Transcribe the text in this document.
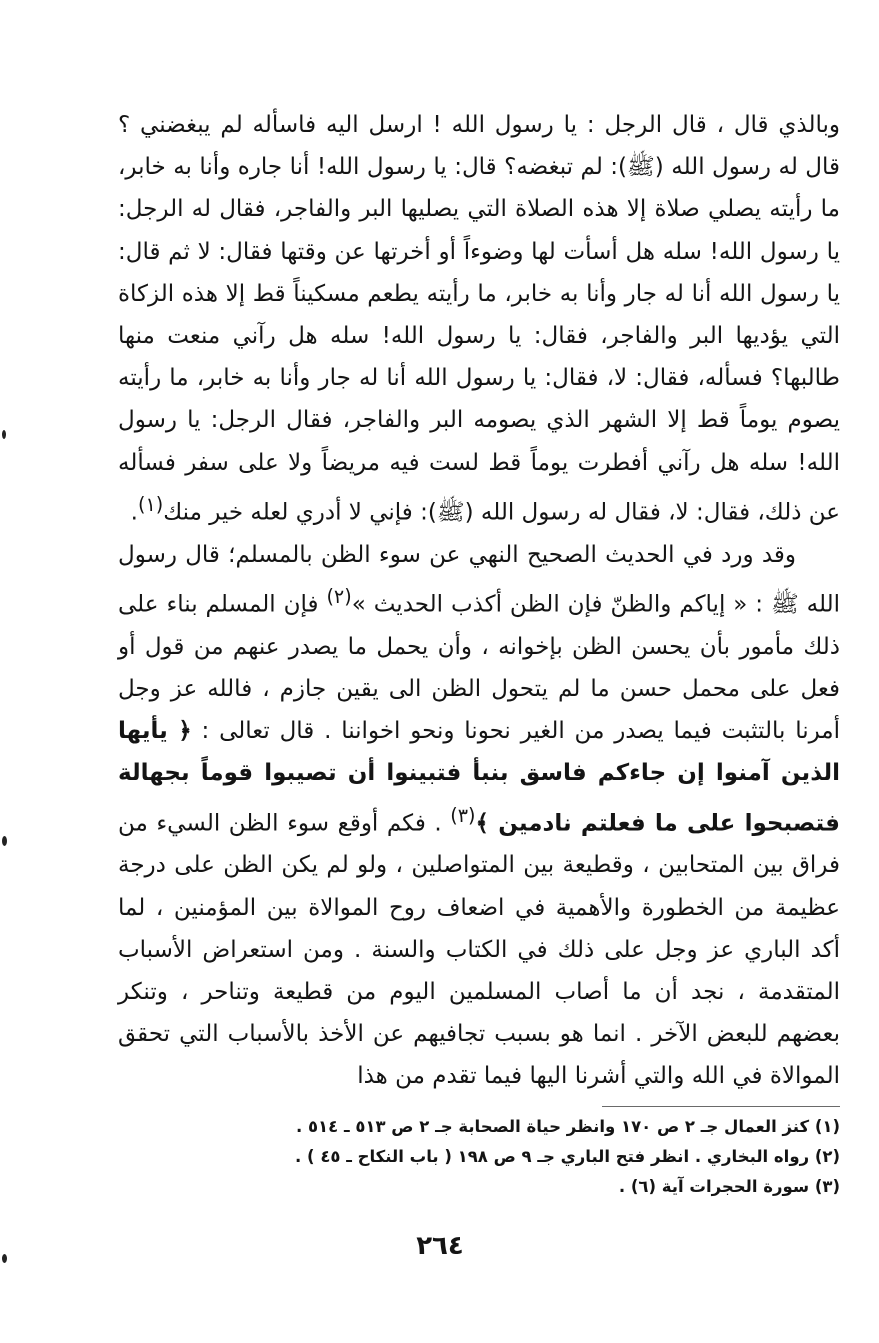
وبالذي قال ، قال الرجل : يا رسول الله ! ارسل اليه فاسأله لم يبغضني ؟ قال له رسول الله (ﷺ): لم تبغضه؟ قال: يا رسول الله! أنا جاره وأنا به خابر، ما رأيته يصلي صلاة إلا هذه الصلاة التي يصليها البر والفاجر، فقال له الرجل: يا رسول الله! سله هل أسأت لها وضوءاً أو أخرتها عن وقتها فقال: لا ثم قال: يا رسول الله أنا له جار وأنا به خابر، ما رأيته يطعم مسكيناً قط إلا هذه الزكاة التي يؤديها البر والفاجر، فقال: يا رسول الله! سله هل رآني منعت منها طالبها؟ فسأله، فقال: لا، فقال: يا رسول الله أنا له جار وأنا به خابر، ما رأيته يصوم يوماً قط إلا الشهر الذي يصومه البر والفاجر، فقال الرجل: يا رسول الله! سله هل رآني أفطرت يوماً قط لست فيه مريضاً ولا على سفر فسأله عن ذلك، فقال: لا، فقال له رسول الله (ﷺ): فإني لا أدري لعله خير منك$^{(١)}$.

وقد ورد في الحديث الصحيح النهي عن سوء الظن بالمسلم؛ قال رسول الله ﷺ : « إياكم والظنّ فإن الظن أكذب الحديث »$^{(٢)}$ فإن المسلم بناء على ذلك مأمور بأن يحسن الظن بإخوانه ، وأن يحمل ما يصدر عنهم من قول أو فعل على محمل حسن ما لم يتحول الظن الى يقين جازم ، فالله عز وجل أمرنا بالتثبت فيما يصدر من الغير نحونا ونحو اخواننا . قال تعالى : ﴿ يأيها الذين آمنوا إن جاءكم فاسق بنبأ فتبينوا أن تصيبوا قوماً بجهالة فتصبحوا على ما فعلتم نادمين ﴾$^{(٣)}$ . فكم أوقع سوء الظن السيء من فراق بين المتحابين ، وقطيعة بين المتواصلين ، ولو لم يكن الظن على درجة عظيمة من الخطورة والأهمية في اضعاف روح الموالاة بين المؤمنين ، لما أكد الباري عز وجل على ذلك في الكتاب والسنة . ومن استعراض الأسباب المتقدمة ، نجد أن ما أصاب المسلمين اليوم من قطيعة وتناحر ، وتنكر بعضهم للبعض الآخر . انما هو بسبب تجافيهم عن الأخذ بالأسباب التي تحقق الموالاة في الله والتي أشرنا اليها فيما تقدم من هذا

(١) كنز العمال جـ ٢ ص ١٧٠ وانظر حياة الصحابة جـ ٢ ص ٥١٣ ـ ٥١٤ .
(٢) رواه البخاري . انظر فتح الباري جـ ٩ ص ١٩٨ ( باب النكاح ـ ٤٥ ) .
(٣) سورة الحجرات آية (٦) .
٢٦٤
